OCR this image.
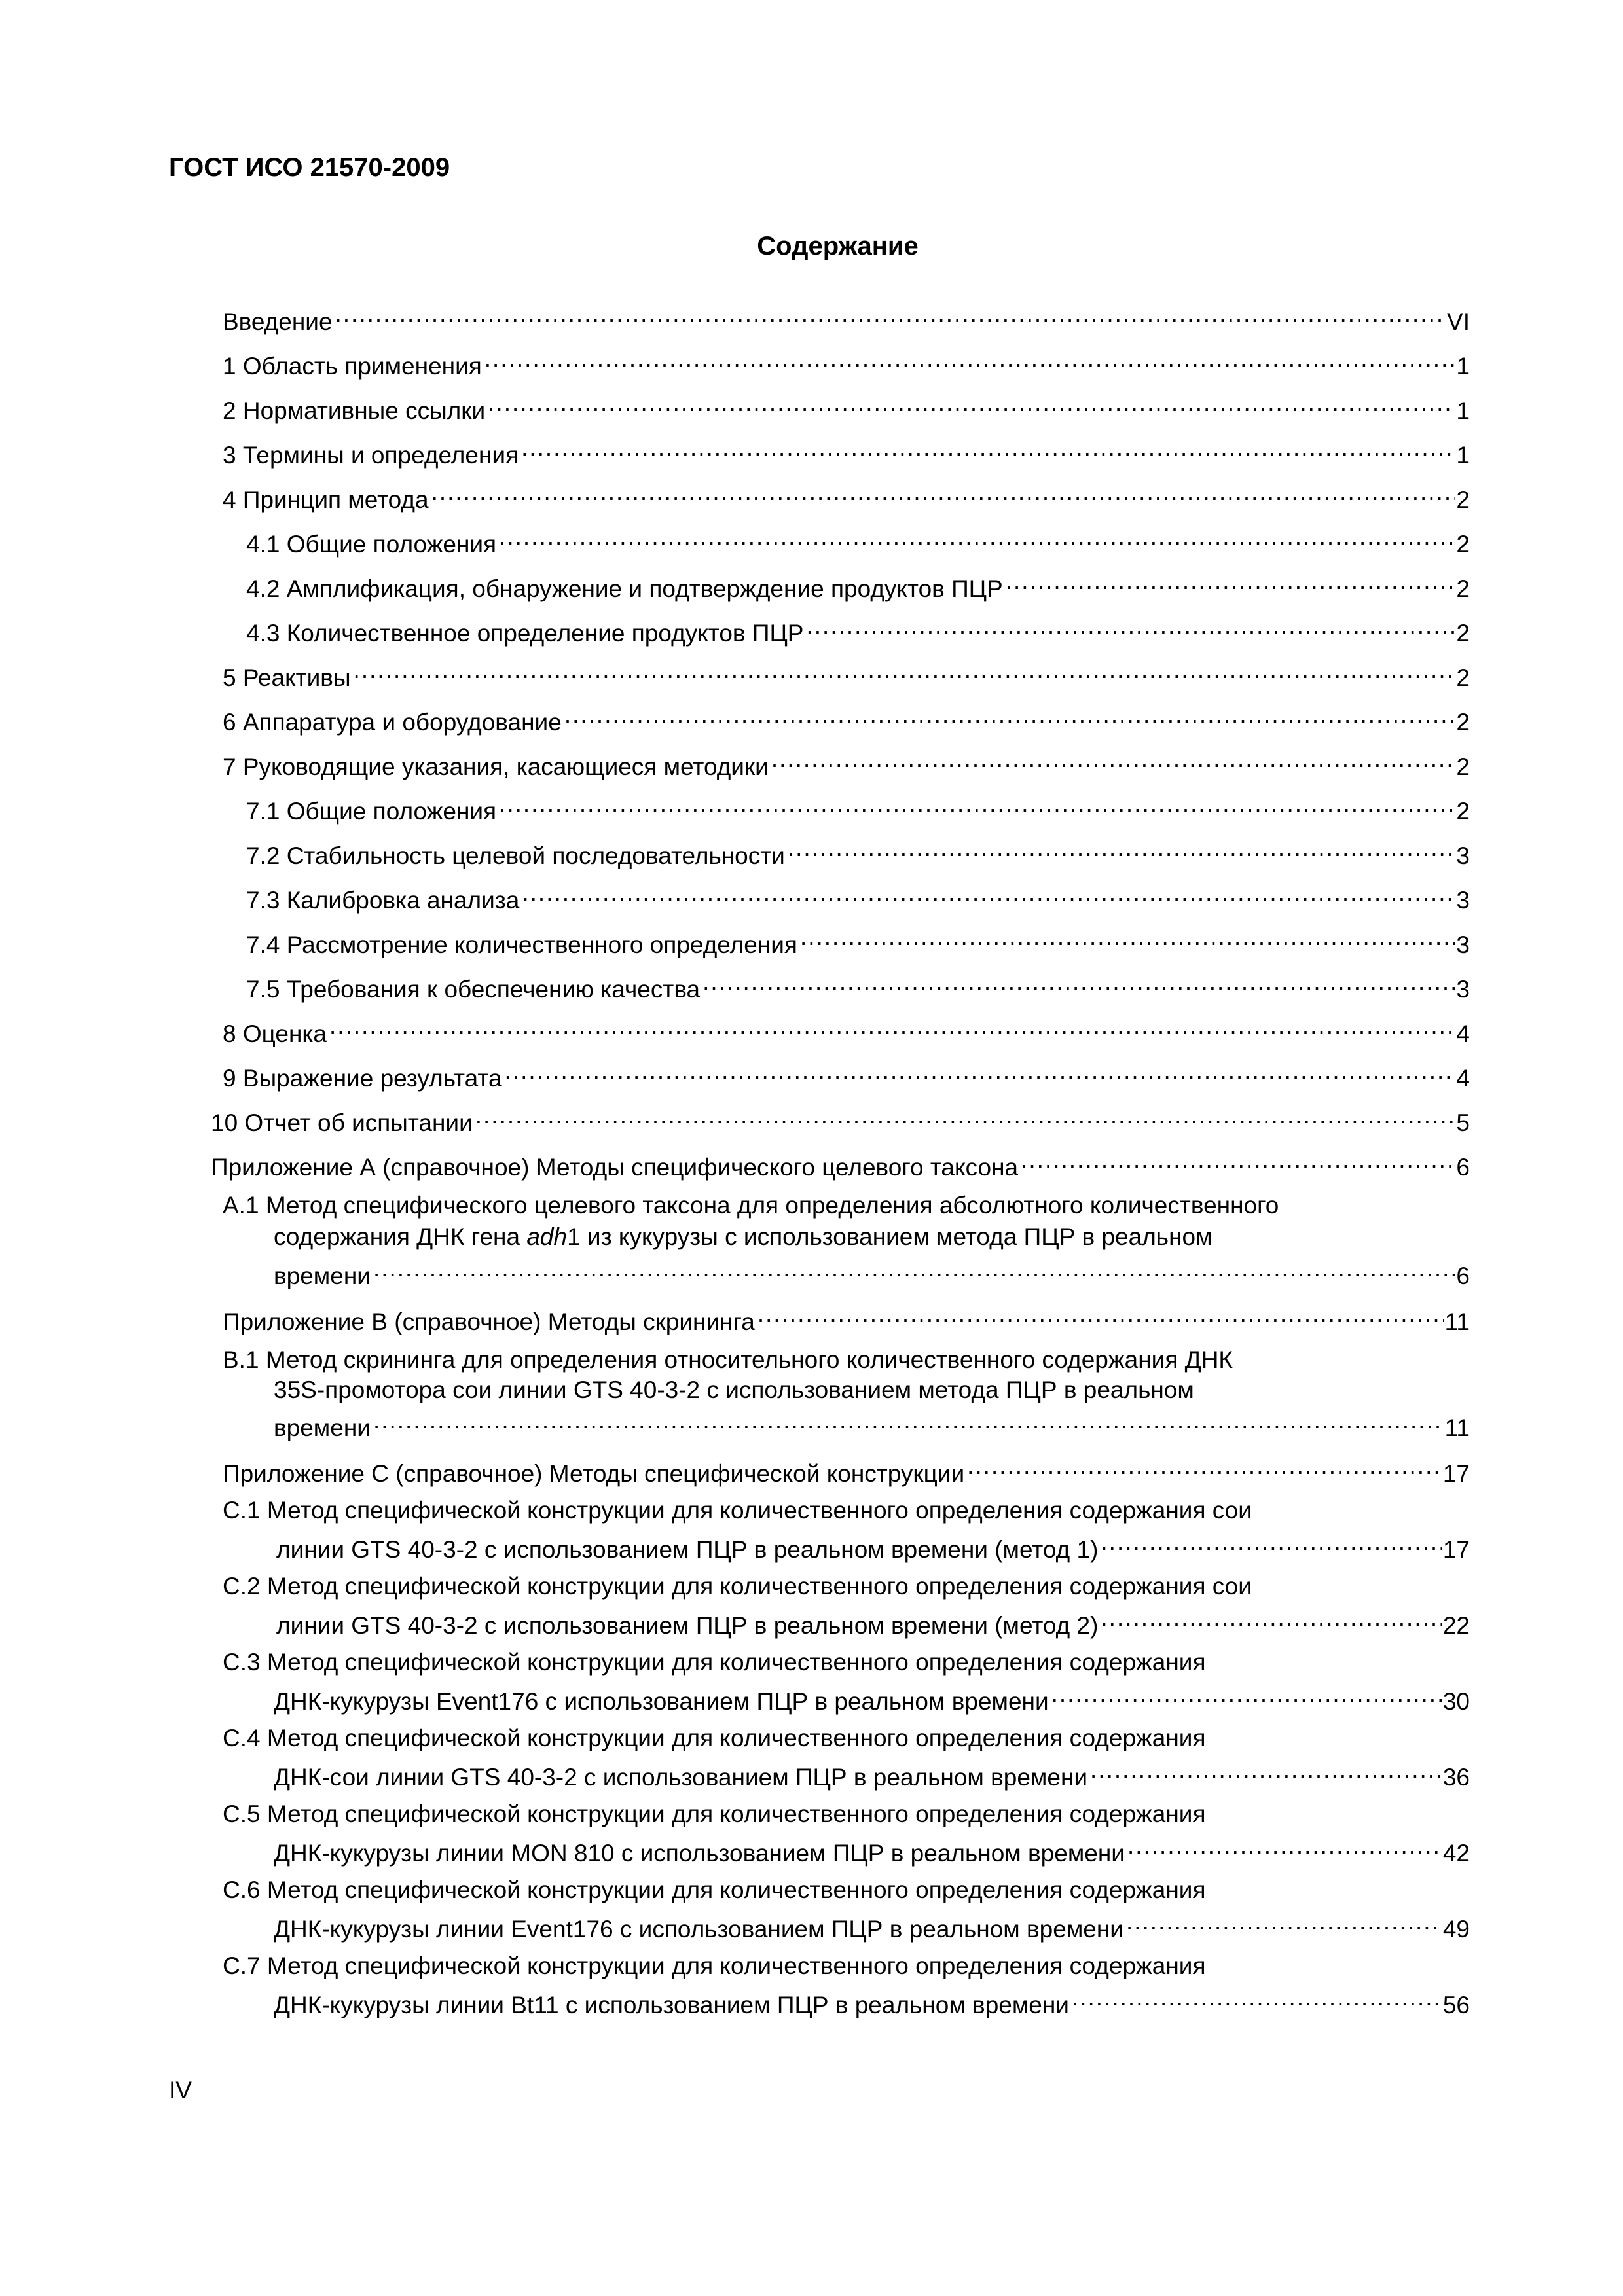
ГОСТ ИСО 21570-2009
Содержание
Введение .....	VI
1 Область применения .....	1
2 Нормативные ссылки .....	1
3 Термины и определения .....	1
4 Принцип метода .....	2
4.1 Общие положения .....	2
4.2 Амплификация, обнаружение и подтверждение продуктов ПЦР .....	2
4.3 Количественное определение продуктов ПЦР .....	2
5 Реактивы .....	2
6 Аппаратура и оборудование .....	2
7 Руководящие указания, касающиеся методики .....	2
7.1 Общие положения .....	2
7.2 Стабильность целевой последовательности .....	3
7.3 Калибровка анализа .....	3
7.4 Рассмотрение количественного определения .....	3
7.5 Требования к обеспечению качества .....	3
8 Оценка .....	4
9 Выражение результата .....	4
10 Отчет об испытании .....	5
Приложение А (справочное) Методы специфического целевого таксона .....	6
А.1 Метод специфического целевого таксона для определения абсолютного количественного
содержания ДНК гена adh1 из кукурузы с использованием метода ПЦР в реальном
времени .....	6
Приложение В (справочное) Методы скрининга .....	11
В.1 Метод скрининга для определения относительного количественного содержания ДНК
35S-промотора сои линии GTS 40-3-2 с использованием метода ПЦР в реальном
времени .....	11
Приложение С (справочное) Методы специфической конструкции .....	17
С.1 Метод специфической конструкции для количественного определения содержания сои
линии GTS 40-3-2 с использованием ПЦР в реальном времени (метод 1) .....	17
С.2 Метод специфической конструкции для количественного определения содержания сои
линии GTS 40-3-2 с использованием ПЦР в реальном времени (метод 2) .....	22
С.3 Метод специфической конструкции для количественного определения содержания
ДНК-кукурузы Event176 с использованием ПЦР в реальном времени .....	30
С.4 Метод специфической конструкции для количественного определения содержания
ДНК-сои линии GTS 40-3-2 с использованием ПЦР в реальном времени .....	36
С.5 Метод специфической конструкции для количественного определения содержания
ДНК-кукурузы линии MON 810 с использованием ПЦР в реальном времени .....	42
С.6 Метод специфической конструкции для количественного определения содержания
ДНК-кукурузы линии Event176 с использованием ПЦР в реальном времени .....	49
С.7 Метод специфической конструкции для количественного определения содержания
ДНК-кукурузы линии Bt11 с использованием ПЦР в реальном времени .....	56
IV
